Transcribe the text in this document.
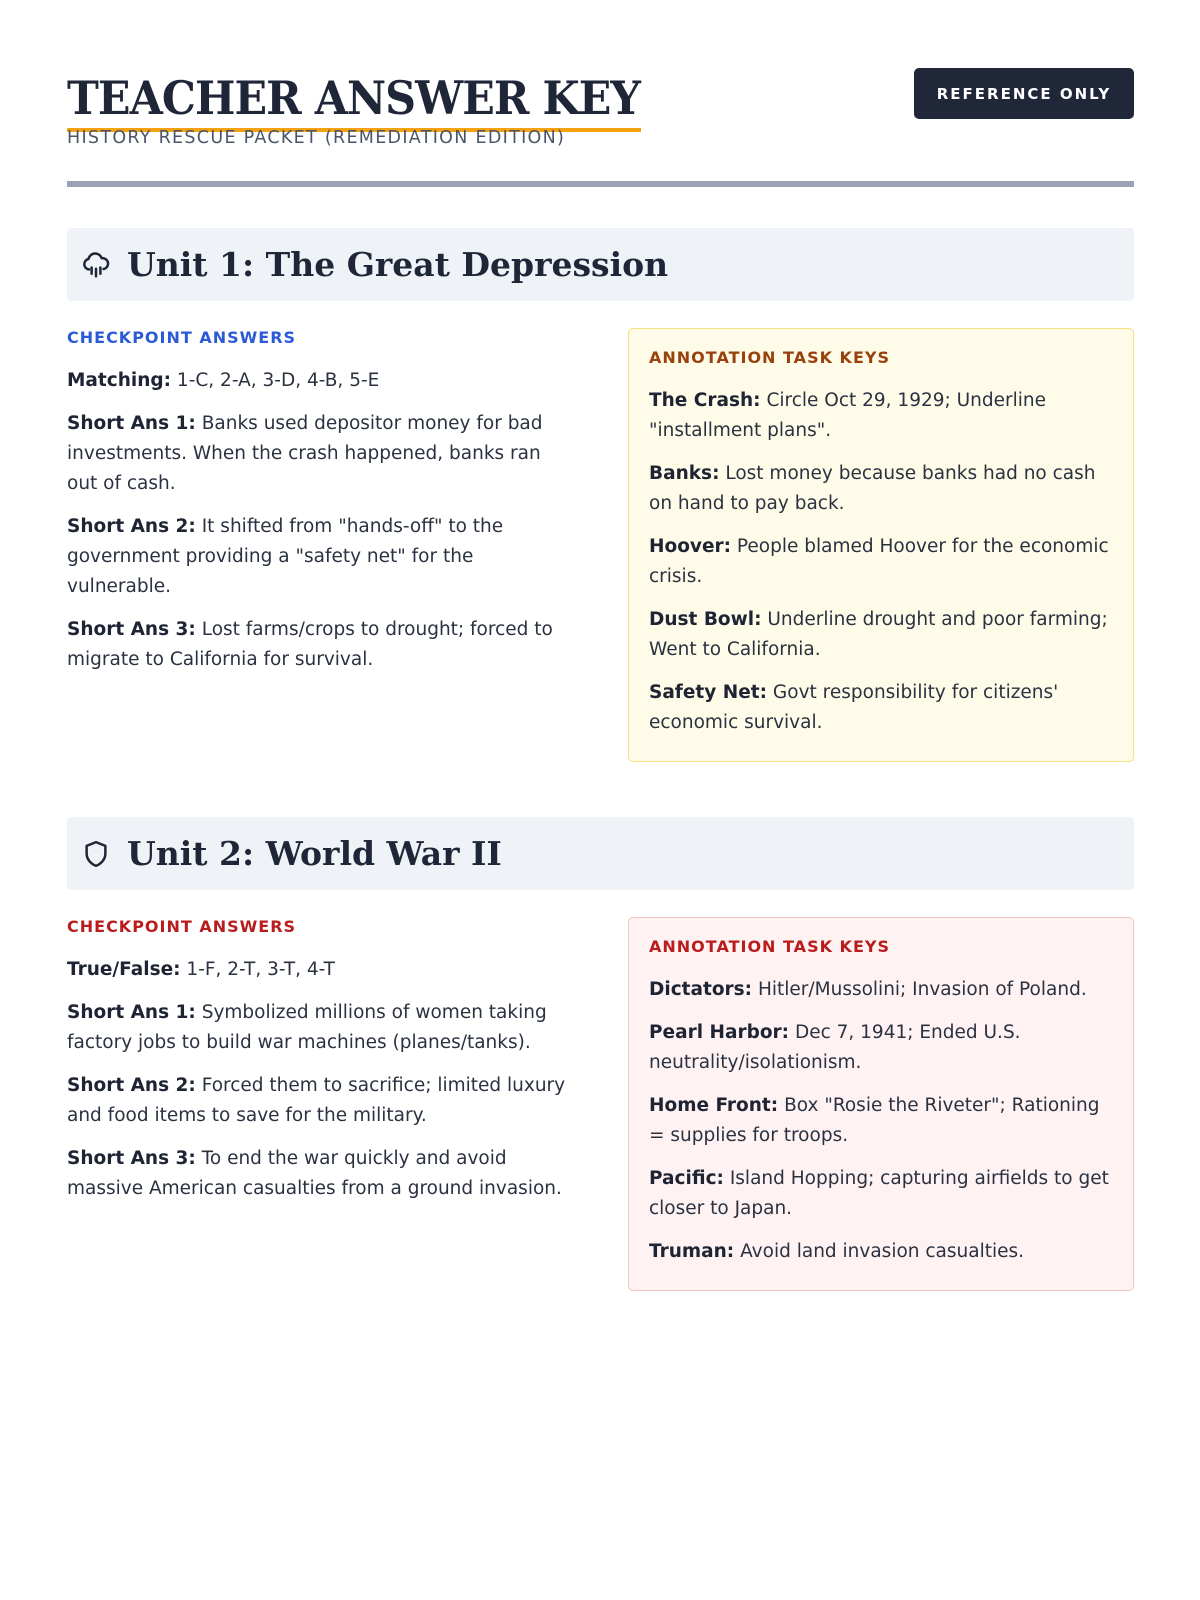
TEACHER ANSWER KEY
HISTORY RESCUE PACKET (REMEDIATION EDITION)
REFERENCE ONLY
Unit 1: The Great Depression
CHECKPOINT ANSWERS
Matching: 1-C, 2-A, 3-D, 4-B, 5-E
Short Ans 1: Banks used depositor money for bad investments. When the crash happened, banks ran out of cash.
Short Ans 2: It shifted from "hands-off" to the government providing a "safety net" for the vulnerable.
Short Ans 3: Lost farms/crops to drought; forced to migrate to California for survival.
ANNOTATION TASK KEYS
The Crash: Circle Oct 29, 1929; Underline "installment plans".
Banks: Lost money because banks had no cash on hand to pay back.
Hoover: People blamed Hoover for the economic crisis.
Dust Bowl: Underline drought and poor farming; Went to California.
Safety Net: Govt responsibility for citizens' economic survival.
Unit 2: World War II
CHECKPOINT ANSWERS
True/False: 1-F, 2-T, 3-T, 4-T
Short Ans 1: Symbolized millions of women taking factory jobs to build war machines (planes/tanks).
Short Ans 2: Forced them to sacrifice; limited luxury and food items to save for the military.
Short Ans 3: To end the war quickly and avoid massive American casualties from a ground invasion.
ANNOTATION TASK KEYS
Dictators: Hitler/Mussolini; Invasion of Poland.
Pearl Harbor: Dec 7, 1941; Ended U.S. neutrality/isolationism.
Home Front: Box "Rosie the Riveter"; Rationing = supplies for troops.
Pacific: Island Hopping; capturing airfields to get closer to Japan.
Truman: Avoid land invasion casualties.
